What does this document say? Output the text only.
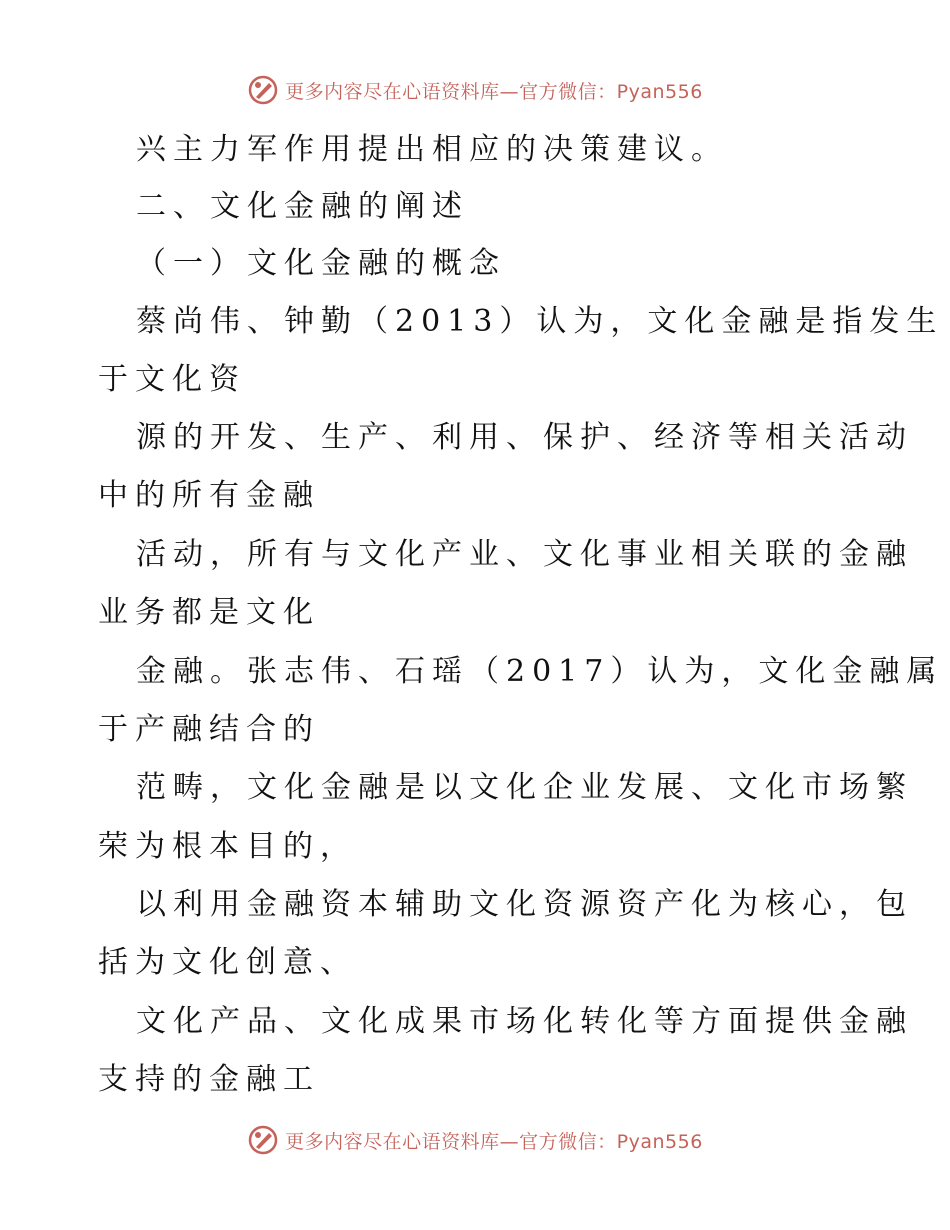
更多内容尽在心语资料库—官方微信：Pyan556
兴主力军作用提出相应的决策建议。
二、文化金融的阐述
（一）文化金融的概念
蔡尚伟、钟勤（2013）认为，文化金融是指发生
于文化资
源的开发、生产、利用、保护、经济等相关活动
中的所有金融
活动，所有与文化产业、文化事业相关联的金融
业务都是文化
金融。张志伟、石瑶（2017）认为，文化金融属
于产融结合的
范畴，文化金融是以文化企业发展、文化市场繁
荣为根本目的，
以利用金融资本辅助文化资源资产化为核心，包
括为文化创意、
文化产品、文化成果市场化转化等方面提供金融
支持的金融工
更多内容尽在心语资料库—官方微信：Pyan556
